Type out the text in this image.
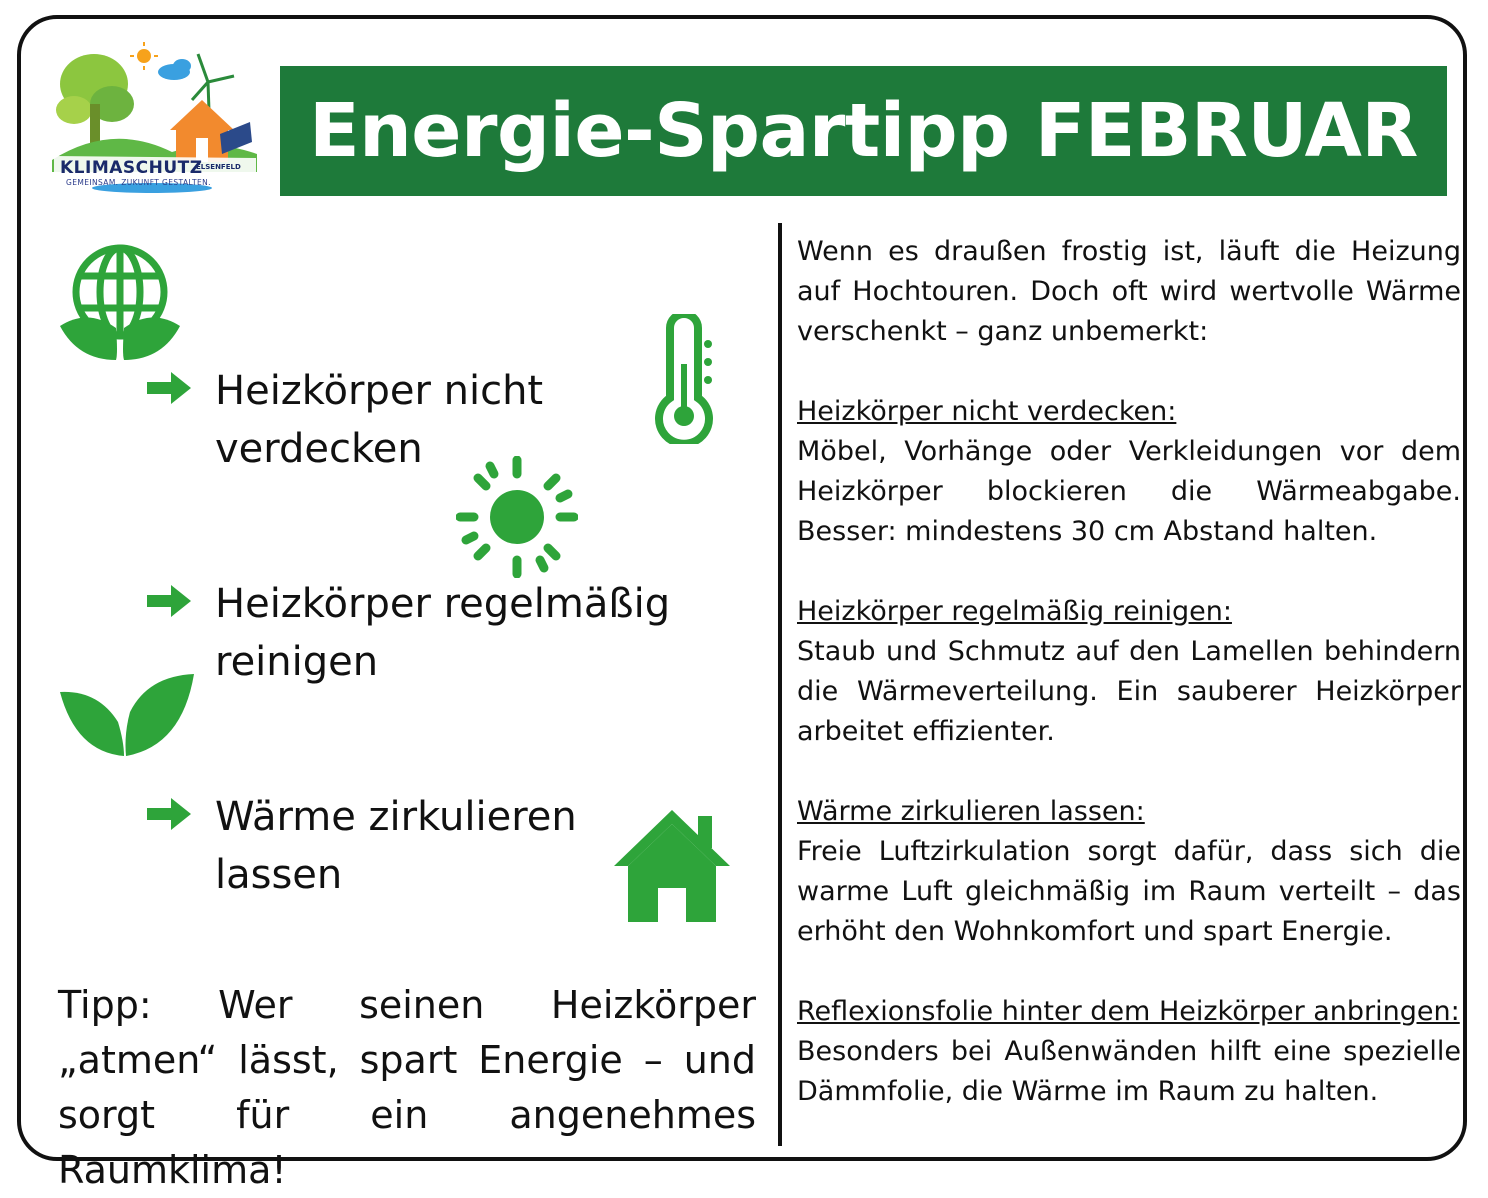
KLIMASCHUTZ
ELSENFELD
GEMEINSAM. ZUKUNFT GESTALTEN.
Energie-Spartipp FEBRUAR
Heizkörper nicht
verdecken
Heizkörper regelmäßig
reinigen
Wärme zirkulieren
lassen
Tipp: Wer seinen Heizkörper „atmen“ lässt, spart Energie – und sorgt für ein angenehmes Raumklima!

Wenn es draußen frostig ist, läuft die Heizung auf Hochtouren. Doch oft wird wertvolle Wärme verschenkt – ganz unbemerkt:

Heizkörper nicht verdecken:
Möbel, Vorhänge oder Verkleidungen vor dem Heizkörper blockieren die Wärmeabgabe. Besser: mindestens 30 cm Abstand halten.

Heizkörper regelmäßig reinigen:
Staub und Schmutz auf den Lamellen behindern die Wärmeverteilung. Ein sauberer Heizkörper arbeitet effizienter.

Wärme zirkulieren lassen:
Freie Luftzirkulation sorgt dafür, dass sich die warme Luft gleichmäßig im Raum verteilt – das erhöht den Wohnkomfort und spart Energie.

Reflexionsfolie hinter dem Heizkörper anbringen:
Besonders bei Außenwänden hilft eine spezielle Dämmfolie, die Wärme im Raum zu halten.
